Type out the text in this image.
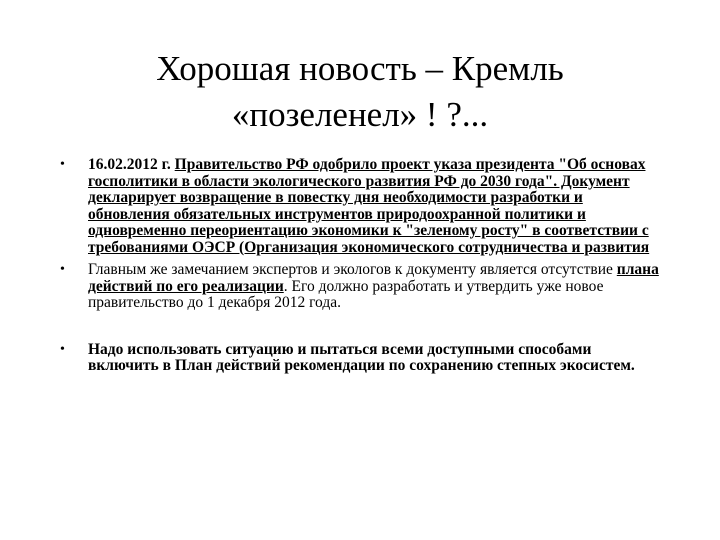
Хорошая новость – Кремль
«позеленел» ! ?...
• 16.02.2012 г. Правительство РФ одобрило проект указа президента "Об основах госполитики в области экологического развития РФ до 2030 года". Документ декларирует возвращение в повестку дня необходимости разработки и обновления обязательных инструментов природоохранной политики и одновременно переориентацию экономики к "зеленому росту" в соответствии с требованиями ОЭСР (Организация экономического сотрудничества и развития
• Главным же замечанием экспертов и экологов к документу является отсутствие плана действий по его реализации. Его должно разработать и утвердить уже новое правительство до 1 декабря 2012 года.
• Надо использовать ситуацию и пытаться всеми доступными способами включить в План действий рекомендации по сохранению степных экосистем.
